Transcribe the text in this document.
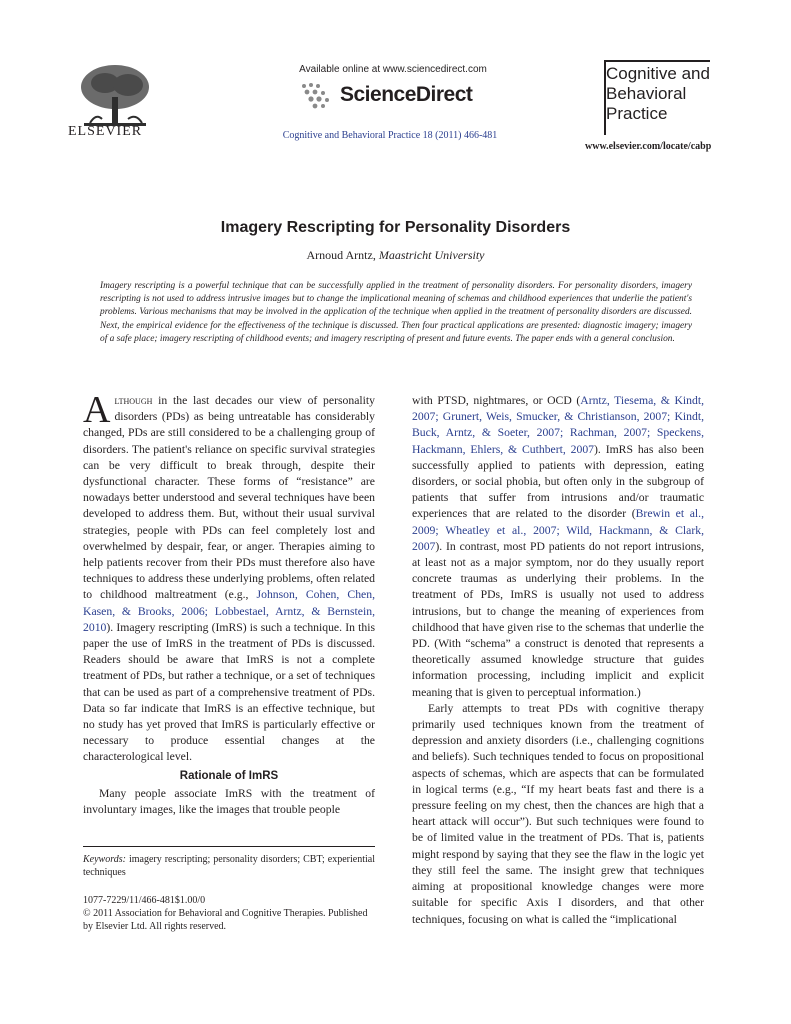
ELSEVIER
Available online at www.sciencedirect.com
ScienceDirect
Cognitive and Behavioral Practice 18 (2011) 466-481
Cognitive and
Behavioral
Practice
www.elsevier.com/locate/cabp
Imagery Rescripting for Personality Disorders
Arnoud Arntz, Maastricht University
Imagery rescripting is a powerful technique that can be successfully applied in the treatment of personality disorders. For personality disorders, imagery rescripting is not used to address intrusive images but to change the implicational meaning of schemas and childhood experiences that underlie the patient's problems. Various mechanisms that may be involved in the application of the technique when applied in the treatment of personality disorders are discussed. Next, the empirical evidence for the effectiveness of the technique is discussed. Then four practical applications are presented: diagnostic imagery; imagery of a safe place; imagery rescripting of childhood events; and imagery rescripting of present and future events. The paper ends with a general conclusion.

Although in the last decades our view of personality disorders (PDs) as being untreatable has considerably changed, PDs are still considered to be a challenging group of disorders. The patient's reliance on specific survival strategies can be very difficult to break through, despite their dysfunctional character. These forms of “resistance” are nowadays better understood and several techniques have been developed to address them. But, without their usual survival strategies, people with PDs can feel completely lost and overwhelmed by despair, fear, or anger. Therapies aiming to help patients recover from their PDs must therefore also have techniques to address these underlying problems, often related to childhood maltreatment (e.g., Johnson, Cohen, Chen, Kasen, & Brooks, 2006; Lobbestael, Arntz, & Bernstein, 2010). Imagery rescripting (ImRS) is such a technique. In this paper the use of ImRS in the treatment of PDs is discussed. Readers should be aware that ImRS is not a complete treatment of PDs, but rather a technique, or a set of techniques that can be used as part of a comprehensive treatment of PDs. Data so far indicate that ImRS is an effective technique, but no study has yet proved that ImRS is particularly effective or necessary to produce essential changes at the characterological level.

Rationale of ImRS

Many people associate ImRS with the treatment of involuntary images, like the images that trouble people

with PTSD, nightmares, or OCD (Arntz, Tiesema, & Kindt, 2007; Grunert, Weis, Smucker, & Christianson, 2007; Kindt, Buck, Arntz, & Soeter, 2007; Rachman, 2007; Speckens, Hackmann, Ehlers, & Cuthbert, 2007). ImRS has also been successfully applied to patients with depression, eating disorders, or social phobia, but often only in the subgroup of patients that suffer from intrusions and/or traumatic experiences that are related to the disorder (Brewin et al., 2009; Wheatley et al., 2007; Wild, Hackmann, & Clark, 2007). In contrast, most PD patients do not report intrusions, at least not as a major symptom, nor do they usually report concrete traumas as underlying their problems. In the treatment of PDs, ImRS is usually not used to address intrusions, but to change the meaning of experiences from childhood that have given rise to the schemas that underlie the PD. (With “schema” a construct is denoted that represents a theoretically assumed knowledge structure that guides information processing, including implicit and explicit meaning that is given to perceptual information.)

Early attempts to treat PDs with cognitive therapy primarily used techniques known from the treatment of depression and anxiety disorders (i.e., challenging cognitions and beliefs). Such techniques tended to focus on propositional aspects of schemas, which are aspects that can be formulated in logical terms (e.g., “If my heart beats fast and there is a pressure feeling on my chest, then the chances are high that a heart attack will occur”). But such techniques were found to be of limited value in the treatment of PDs. That is, patients might respond by saying that they see the flaw in the logic yet they still feel the same. The insight grew that techniques aiming at propositional knowledge changes were more suitable for specific Axis I disorders, and that other techniques, focusing on what is called the “implicational

Keywords: imagery rescripting; personality disorders; CBT; experiential techniques
1077-7229/11/466-481$1.00/0
© 2011 Association for Behavioral and Cognitive Therapies. Published by Elsevier Ltd. All rights reserved.
